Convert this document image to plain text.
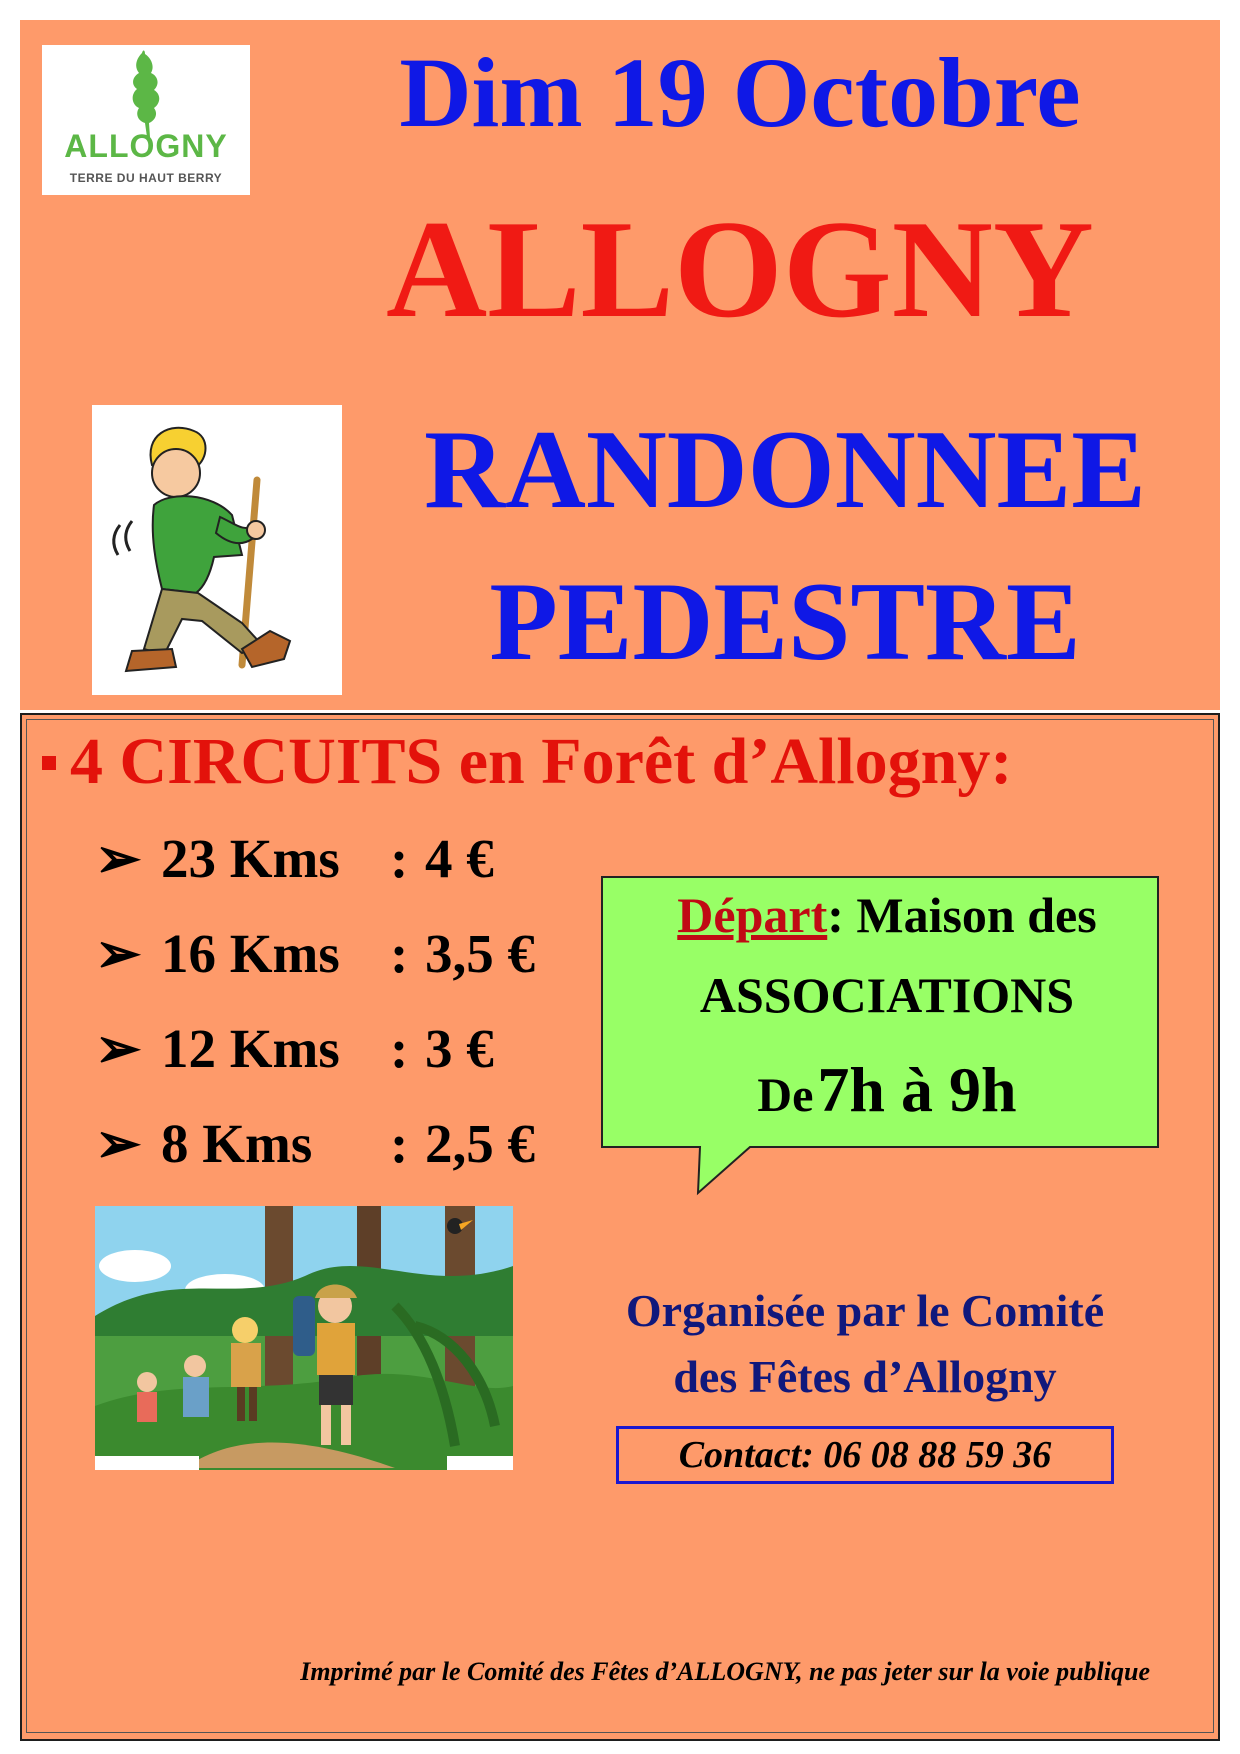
ALLOGNY
TERRE DU HAUT BERRY
Dim 19 Octobre
ALLOGNY
RANDONNEE
PEDESTRE
4 CIRCUITS en Forêt d’Allogny:
➢ 23 Kms : 4 €
➢ 16 Kms : 3,5 €
➢ 12 Kms : 3 €
➢ 8 Kms : 2,5 €
Départ: Maison des
ASSOCIATIONS
De 7h à 9h
Organisée par le Comité
des Fêtes d’Allogny
Contact: 06 08 88 59 36
Imprimé par le Comité des Fêtes d’ALLOGNY, ne pas jeter sur la voie publique
